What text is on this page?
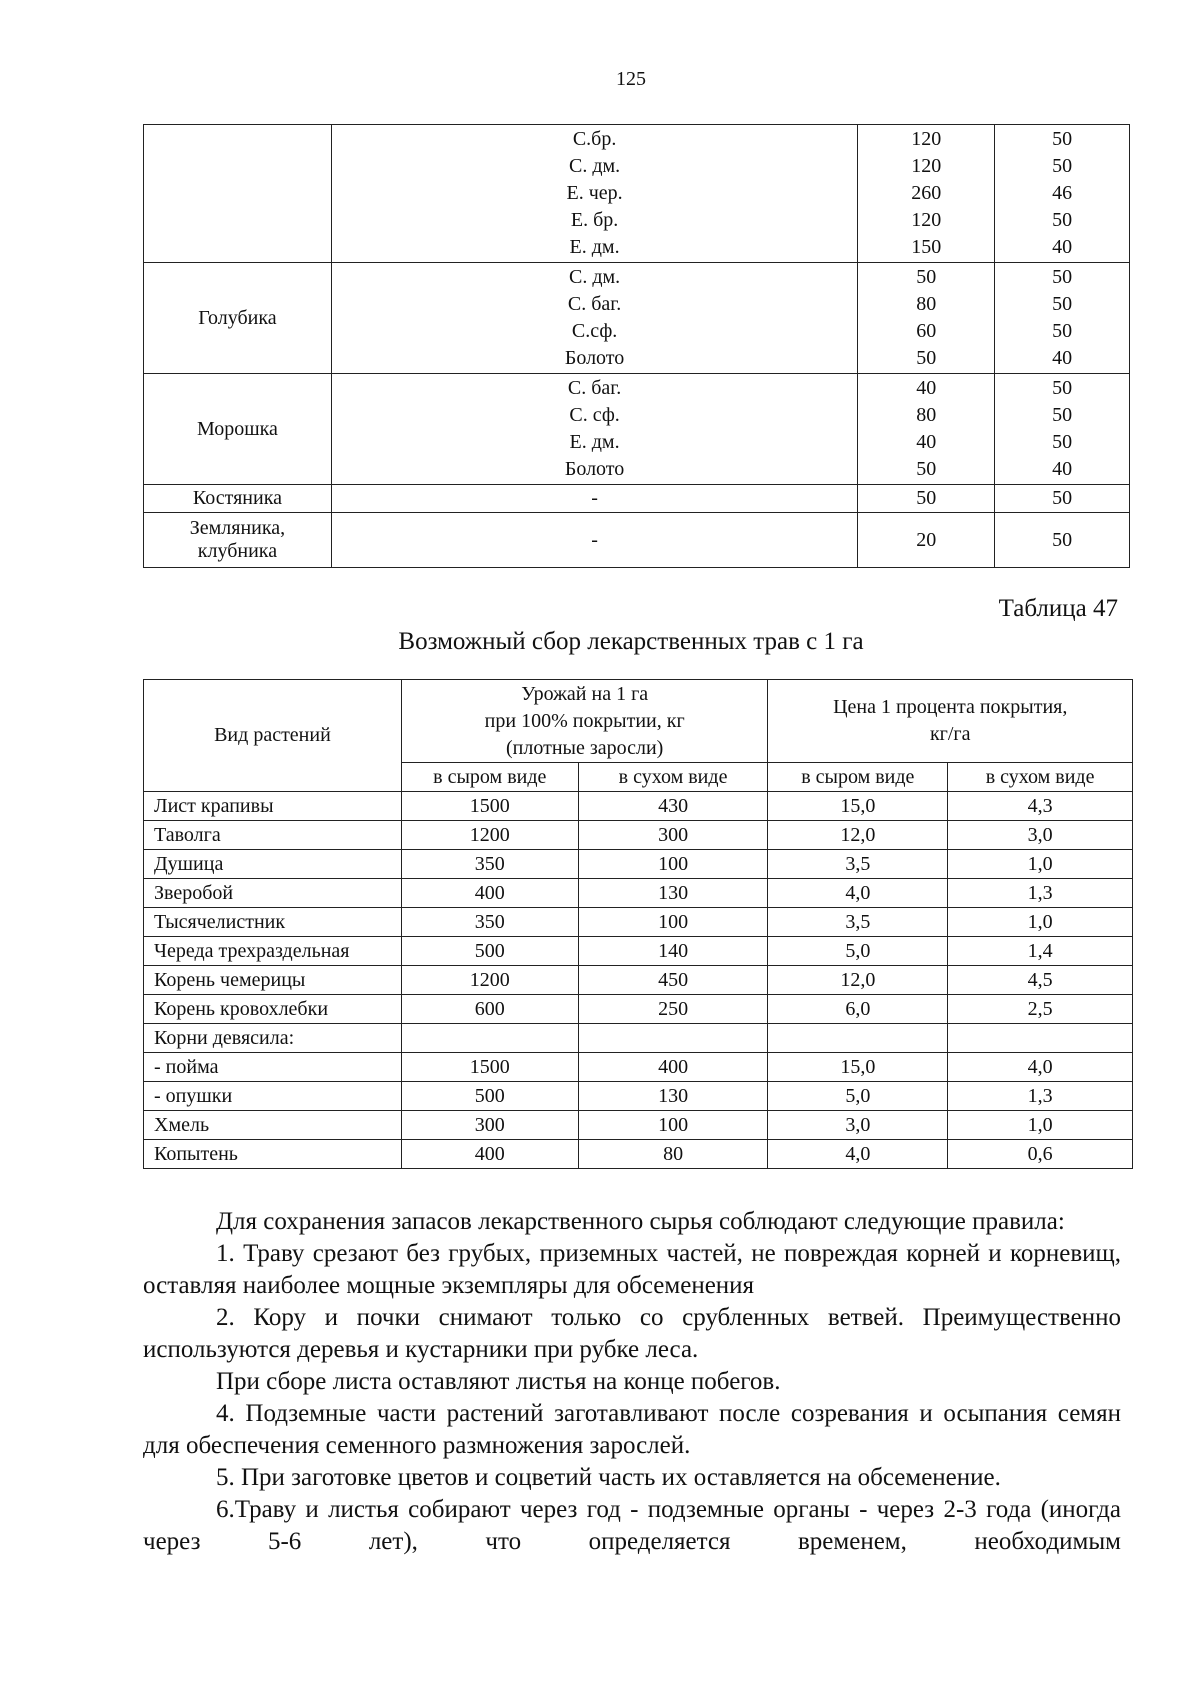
125

	С.бр.
С. дм.
Е. чер.
Е. бр.
Е. дм.	120
120
260
120
150	50
50
46
50
40

Голубика	С. дм.
С. баг.
С.сф.
Болото	50
80
60
50	50
50
50
40

Морошка	С. баг.
С. сф.
Е. дм.
Болото	40
80
40
50	50
50
50
40

Костяника	-	50	50

Земляника,
клубника	-	20	50
Таблица 47
Возможный сбор лекарственных трав с 1 га
Вид растений	Урожай на 1 га
при 100% покрытии, кг
(плотные заросли)		Цена 1 процента покрытия,
кг/га	

	в сыром виде	в сухом виде	в сыром виде	в сухом виде
Лист крапивы	1500	430	15,0	4,3
Таволга	1200	300	12,0	3,0
Душица	350	100	3,5	1,0
Зверобой	400	130	4,0	1,3
Тысячелистник	350	100	3,5	1,0
Череда трехраздельная	500	140	5,0	1,4
Корень чемерицы	1200	450	12,0	4,5
Корень кровохлебки	600	250	6,0	2,5
Корни девясила:				
- пойма	1500	400	15,0	4,0
- опушки	500	130	5,0	1,3
Хмель	300	100	3,0	1,0
Копытень	400	80	4,0	0,6

Для сохранения запасов лекарственного сырья соблюдают следующие правила:

1. Траву срезают без грубых, приземных частей, не повреждая корней и корневищ, оставляя наиболее мощные экземпляры для обсеменения

2. Кору и почки снимают только со срубленных ветвей. Преимущественно используются деревья и кустарники при рубке леса.

При сборе листа оставляют листья на конце побегов.

4. Подземные части растений заготавливают после созревания и осыпания семян для обеспечения семенного размножения зарослей.

5. При заготовке цветов и соцветий часть их оставляется на обсеменение.

6.Траву и листья собирают через год - подземные органы - через 2-3 года (иногда через 5-6 лет), что определяется временем, необходимым
